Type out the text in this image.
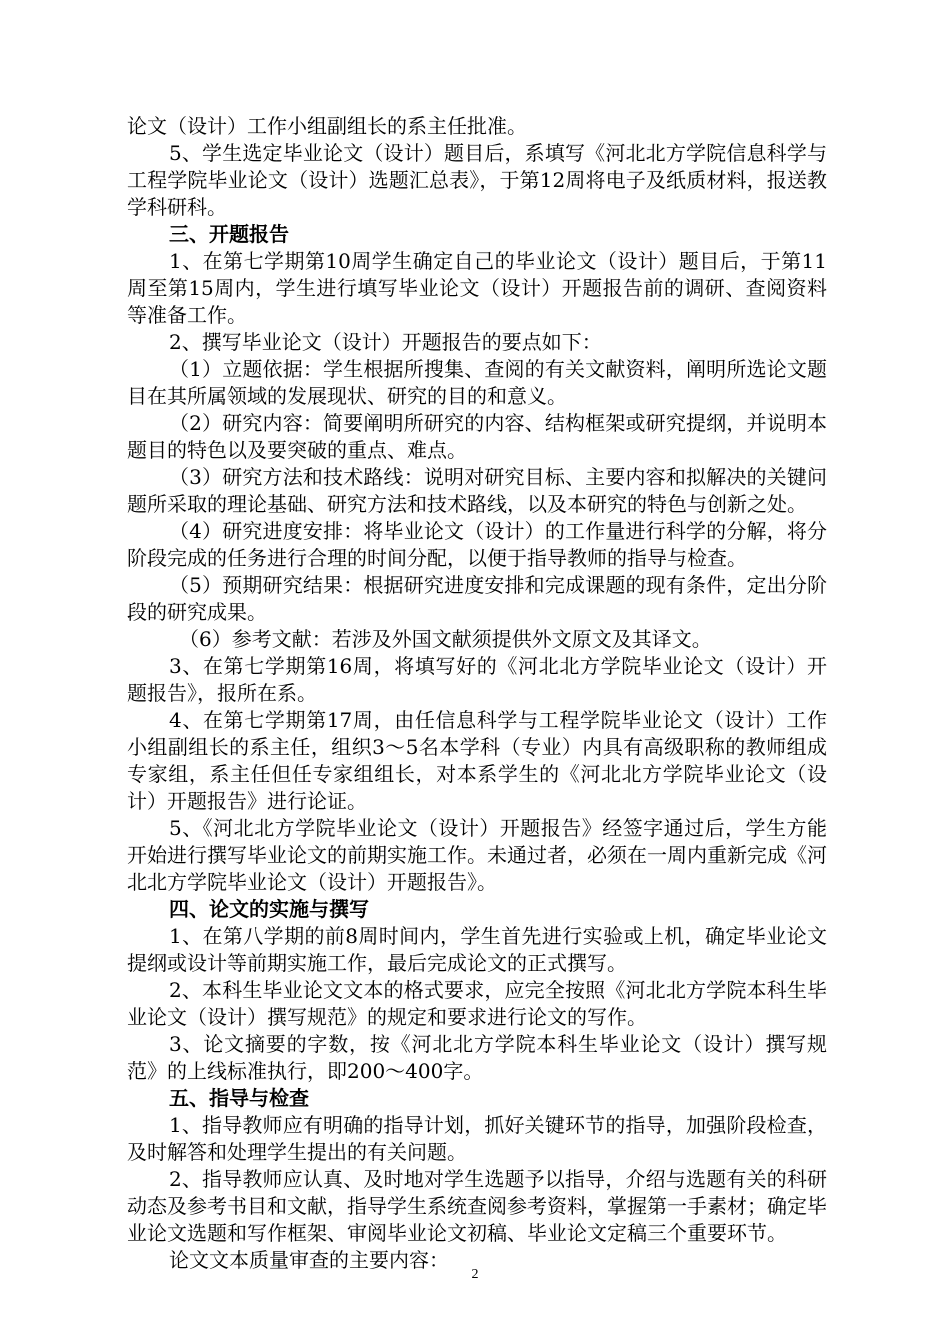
论文（设计）工作小组副组长的系主任批准。

5、学生选定毕业论文（设计）题目后，系填写《河北北方学院信息科学与工程学院毕业论文（设计）选题汇总表》，于第12周将电子及纸质材料，报送教学科研科。

三、开题报告

1、在第七学期第10周学生确定自己的毕业论文（设计）题目后，于第11周至第15周内，学生进行填写毕业论文（设计）开题报告前的调研、查阅资料等准备工作。

2、撰写毕业论文（设计）开题报告的要点如下：

（1）立题依据：学生根据所搜集、查阅的有关文献资料，阐明所选论文题目在其所属领域的发展现状、研究的目的和意义。

（2）研究内容：简要阐明所研究的内容、结构框架或研究提纲，并说明本题目的特色以及要突破的重点、难点。

（3）研究方法和技术路线：说明对研究目标、主要内容和拟解决的关键问题所采取的理论基础、研究方法和技术路线，以及本研究的特色与创新之处。

（4）研究进度安排：将毕业论文（设计）的工作量进行科学的分解，将分阶段完成的任务进行合理的时间分配，以便于指导教师的指导与检查。

（5）预期研究结果：根据研究进度安排和完成课题的现有条件，定出分阶段的研究成果。

（6）参考文献：若涉及外国文献须提供外文原文及其译文。

3、在第七学期第16周，将填写好的《河北北方学院毕业论文（设计）开题报告》，报所在系。

4、在第七学期第17周，由任信息科学与工程学院毕业论文（设计）工作小组副组长的系主任，组织3～5名本学科（专业）内具有高级职称的教师组成专家组，系主任但任专家组组长，对本系学生的《河北北方学院毕业论文（设计）开题报告》进行论证。

5、《河北北方学院毕业论文（设计）开题报告》经签字通过后，学生方能开始进行撰写毕业论文的前期实施工作。未通过者，必须在一周内重新完成《河北北方学院毕业论文（设计）开题报告》。

四、论文的实施与撰写

1、在第八学期的前8周时间内，学生首先进行实验或上机，确定毕业论文提纲或设计等前期实施工作，最后完成论文的正式撰写。

2、本科生毕业论文文本的格式要求，应完全按照《河北北方学院本科生毕业论文（设计）撰写规范》的规定和要求进行论文的写作。

3、论文摘要的字数，按《河北北方学院本科生毕业论文（设计）撰写规范》的上线标准执行，即200～400字。

五、指导与检查

1、指导教师应有明确的指导计划，抓好关键环节的指导，加强阶段检查，及时解答和处理学生提出的有关问题。

2、指导教师应认真、及时地对学生选题予以指导，介绍与选题有关的科研动态及参考书目和文献，指导学生系统查阅参考资料，掌握第一手素材；确定毕业论文选题和写作框架、审阅毕业论文初稿、毕业论文定稿三个重要环节。

论文文本质量审查的主要内容：

2
